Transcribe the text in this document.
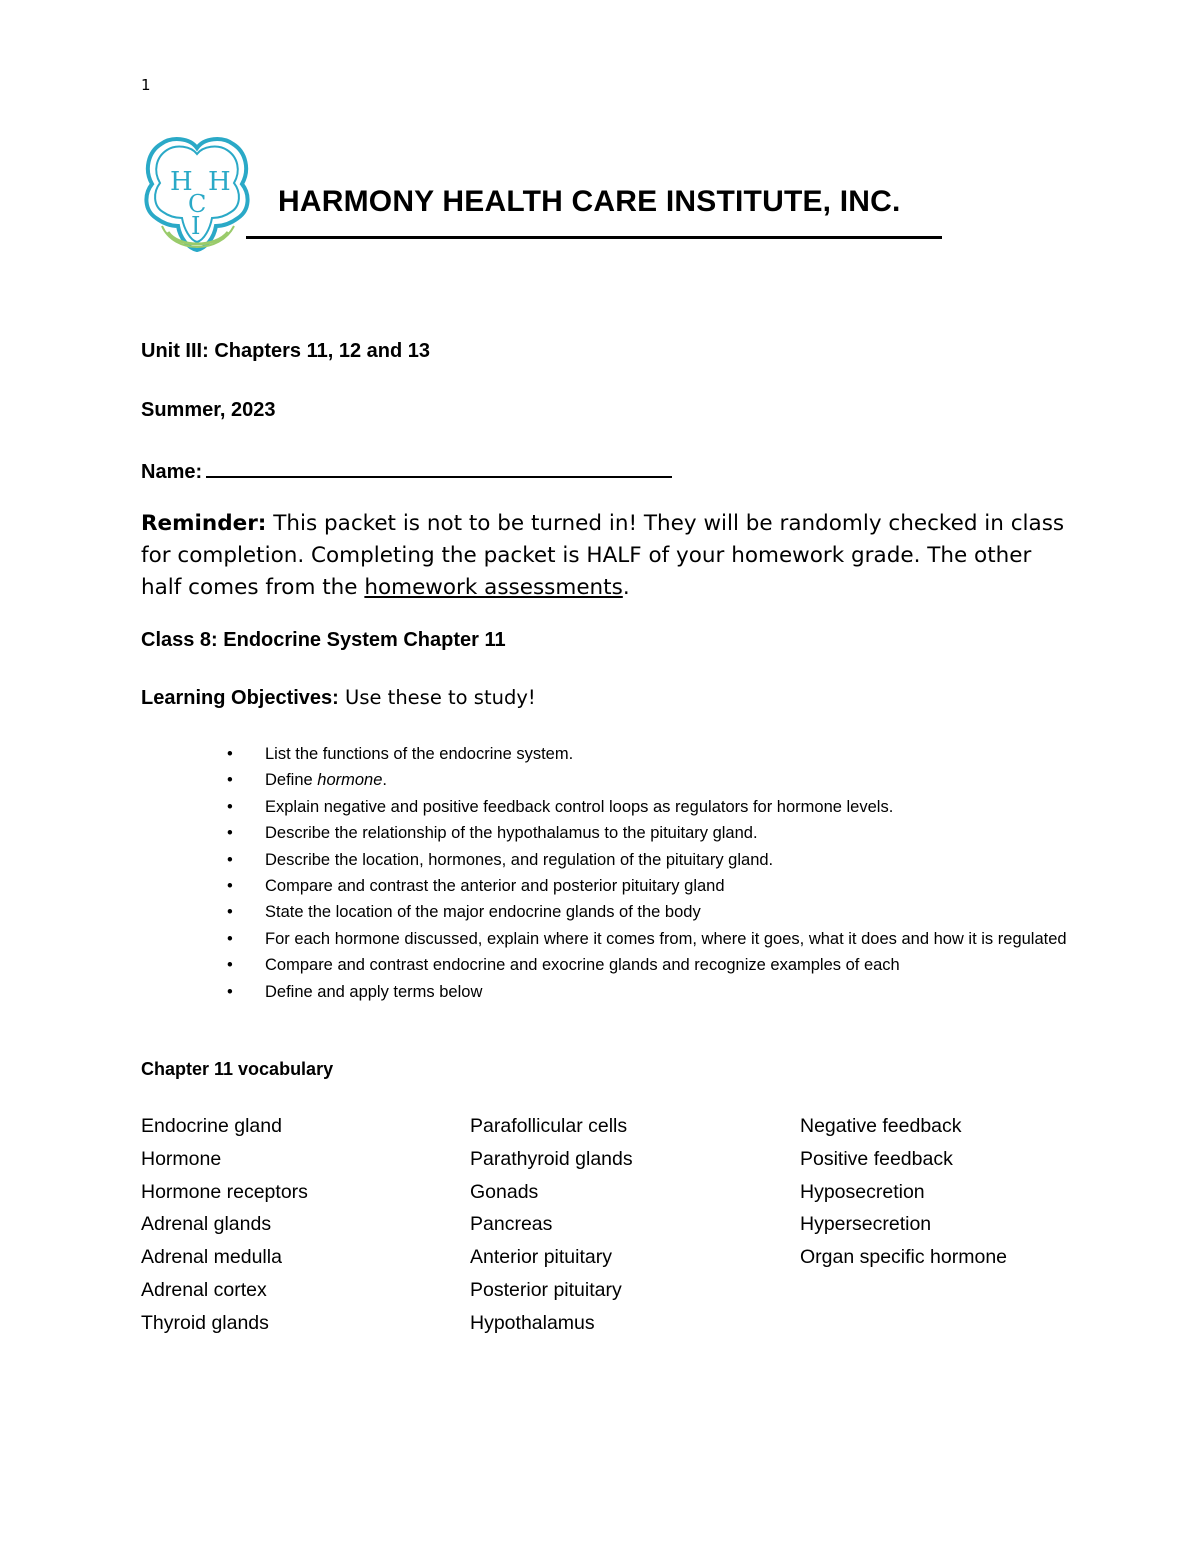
1
H H
C
I
HARMONY HEALTH CARE INSTITUTE, INC.
Unit III: Chapters 11, 12 and 13
Summer, 2023
Name:
Reminder: This packet is not to be turned in! They will be randomly checked in class for completion. Completing the packet is HALF of your homework grade. The other half comes from the homework assessments.
Class 8: Endocrine System Chapter 11
Learning Objectives: Use these to study!
• List the functions of the endocrine system.
• Define hormone.
• Explain negative and positive feedback control loops as regulators for hormone levels.
• Describe the relationship of the hypothalamus to the pituitary gland.
• Describe the location, hormones, and regulation of the pituitary gland.
• Compare and contrast the anterior and posterior pituitary gland
• State the location of the major endocrine glands of the body
• For each hormone discussed, explain where it comes from, where it goes, what it does and how it is regulated
• Compare and contrast endocrine and exocrine glands and recognize examples of each
• Define and apply terms below
Chapter 11 vocabulary
Endocrine gland
Hormone
Hormone receptors
Adrenal glands
Adrenal medulla
Adrenal cortex
Thyroid glands
Parafollicular cells
Parathyroid glands
Gonads
Pancreas
Anterior pituitary
Posterior pituitary
Hypothalamus
Negative feedback
Positive feedback
Hyposecretion
Hypersecretion
Organ specific hormone
